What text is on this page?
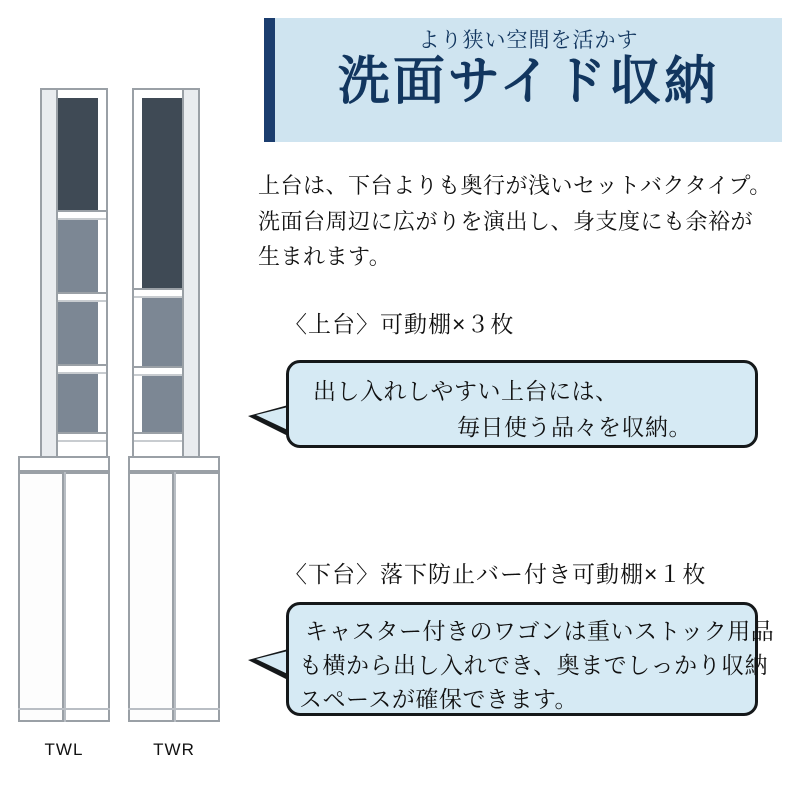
TWL	TWR
より狭い空間を活かす
洗面サイド収納
上台は、下台よりも奥行が浅いセットバクタイプ。
洗面台周辺に広がりを演出し、身支度にも余裕が
生まれます。
〈上台〉可動棚×３枚
出し入れしやすい上台には、
毎日使う品々を収納。
〈下台〉落下防止バー付き可動棚×１枚
キャスター付きのワゴンは重いストック用品
も横から出し入れでき、奥までしっかり収納
スペースが確保できます。
